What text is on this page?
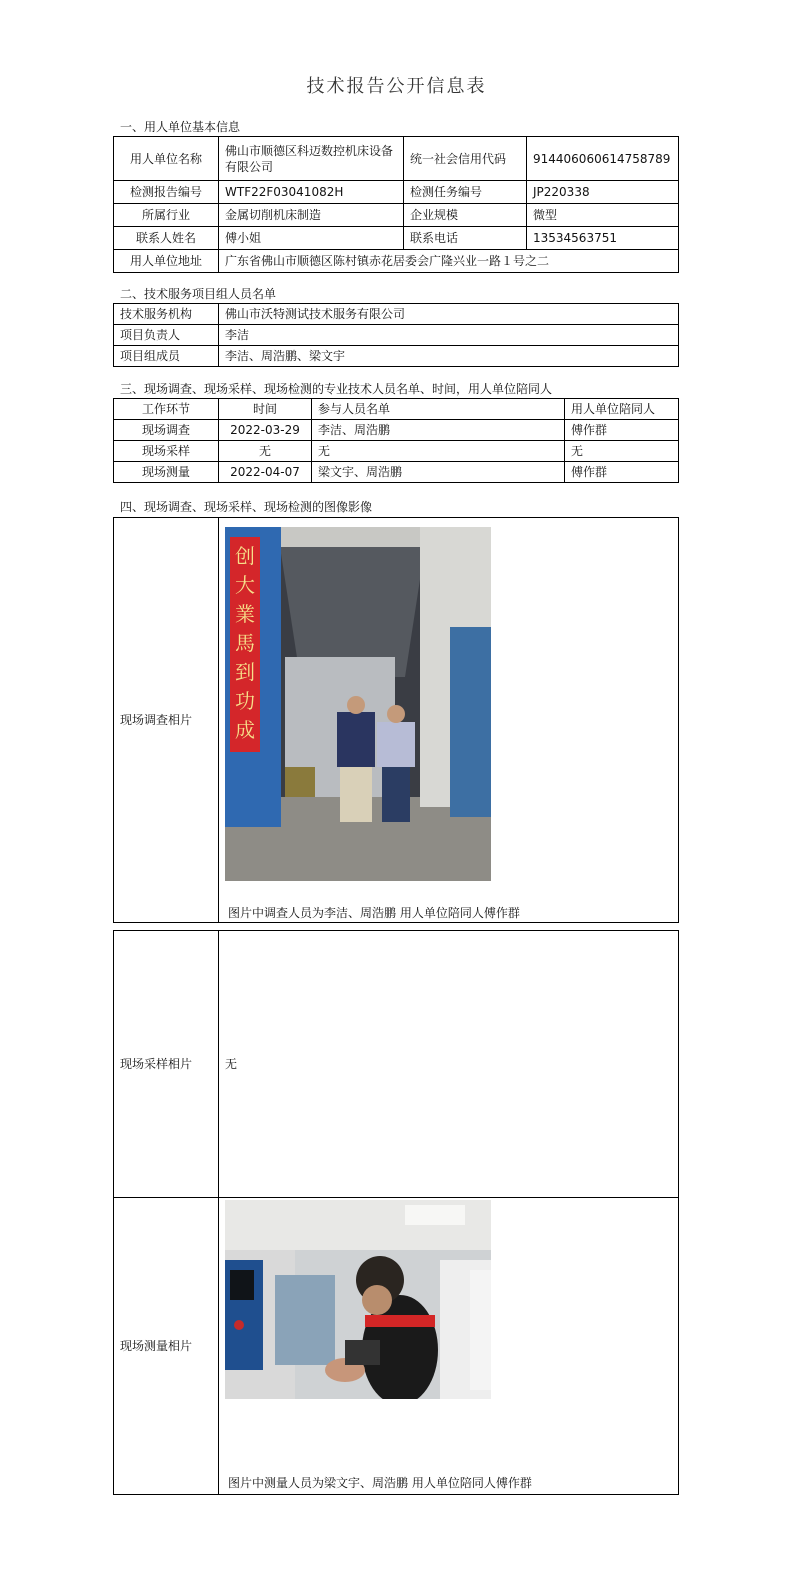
技术报告公开信息表
一、用人单位基本信息
用人单位名称	佛山市顺德区科迈数控机床设备有限公司	统一社会信用代码	914406060614758789
检测报告编号	WTF22F03041082H	检测任务编号	JP220338
所属行业	金属切削机床制造	企业规模	微型
联系人姓名	傅小姐	联系电话	13534563751
用人单位地址	广东省佛山市顺德区陈村镇赤花居委会广隆兴业一路１号之二		
二、技术服务项目组人员名单
技术服务机构	佛山市沃特测试技术服务有限公司
项目负责人	李洁
项目组成员	李洁、周浩鹏、梁文宇
三、现场调查、现场采样、现场检测的专业技术人员名单、时间，用人单位陪同人
工作环节	时间	参与人员名单	用人单位陪同人
现场调查	2022-03-29	李洁、周浩鹏	傅作群
现场采样	无	无	无
现场测量	2022-04-07	梁文宇、周浩鹏	傅作群
四、现场调查、现场采样、现场检测的图像影像
现场调查相片	
创大業馬到功成
图片中调查人员为李洁、周浩鹏 用人单位陪同人傅作群
现场采样相片	无
现场测量相片	
图片中测量人员为梁文宇、周浩鹏 用人单位陪同人傅作群
